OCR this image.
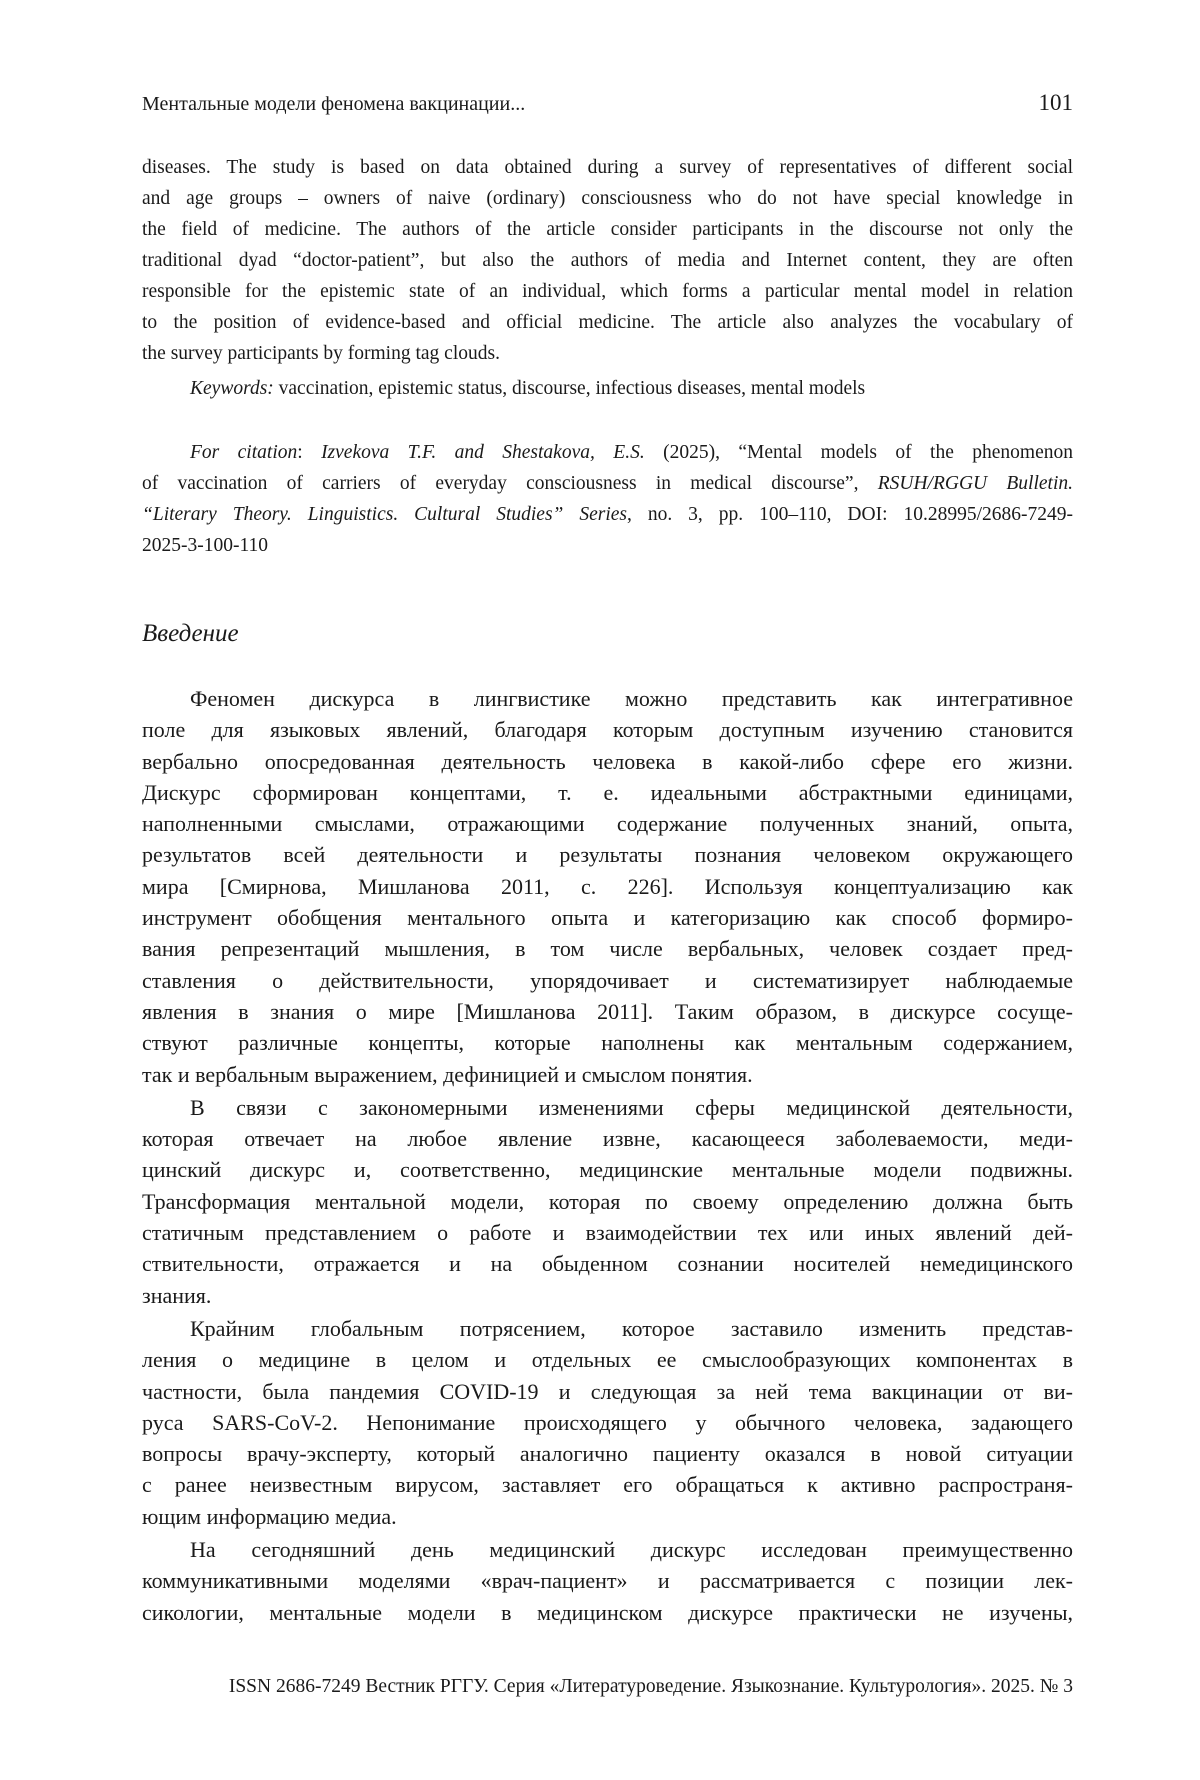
Ментальные модели феномена вакцинации...	101
diseases. The study is based on data obtained during a survey of representatives of different social
and age groups – owners of naive (ordinary) consciousness who do not have special knowledge in
the field of medicine. The authors of the article consider participants in the discourse not only the
traditional dyad “doctor-patient”, but also the authors of media and Internet content, they are often
responsible for the epistemic state of an individual, which forms a particular mental model in relation
to the position of evidence-based and official medicine. The article also analyzes the vocabulary of
the survey participants by forming tag clouds.
Keywords: vaccination, epistemic status, discourse, infectious diseases, mental models
For citation: Izvekova T.F. and Shestakova, E.S. (2025), “Mental models of the phenomenon
of vaccination of carriers of everyday consciousness in medical discourse”, RSUH/RGGU Bulletin.
“Literary Theory. Linguistics. Cultural Studies” Series, no. 3, pp. 100–110, DOI: 10.28995/2686-7249-
2025-3-100-110
Введение
Феномен дискурса в лингвистике можно представить как интегративное
поле для языковых явлений, благодаря которым доступным изучению становится
вербально опосредованная деятельность человека в какой-либо сфере его жизни.
Дискурс сформирован концептами, т. е. идеальными абстрактными единицами,
наполненными смыслами, отражающими содержание полученных знаний, опыта,
результатов всей деятельности и результаты познания человеком окружающего
мира [Смирнова, Мишланова 2011, с. 226]. Используя концептуализацию как
инструмент обобщения ментального опыта и категоризацию как способ формиро-
вания репрезентаций мышления, в том числе вербальных, человек создает пред-
ставления о действительности, упорядочивает и систематизирует наблюдаемые
явления в знания о мире [Мишланова 2011]. Таким образом, в дискурсе сосуще-
ствуют различные концепты, которые наполнены как ментальным содержанием,
так и вербальным выражением, дефиницией и смыслом понятия.
В связи с закономерными изменениями сферы медицинской деятельности,
которая отвечает на любое явление извне, касающееся заболеваемости, меди-
цинский дискурс и, соответственно, медицинские ментальные модели подвижны.
Трансформация ментальной модели, которая по своему определению должна быть
статичным представлением о работе и взаимодействии тех или иных явлений дей-
ствительности, отражается и на обыденном сознании носителей немедицинского
знания.
Крайним глобальным потрясением, которое заставило изменить представ-
ления о медицине в целом и отдельных ее смыслообразующих компонентах в
частности, была пандемия COVID-19 и следующая за ней тема вакцинации от ви-
руса SARS-CoV-2. Непонимание происходящего у обычного человека, задающего
вопросы врачу-эксперту, который аналогично пациенту оказался в новой ситуации
с ранее неизвестным вирусом, заставляет его обращаться к активно распространя-
ющим информацию медиа.
На сегодняшний день медицинский дискурс исследован преимущественно
коммуникативными моделями «врач-пациент» и рассматривается с позиции лек-
сикологии, ментальные модели в медицинском дискурсе практически не изучены,
ISSN 2686-7249 Вестник РГГУ. Серия «Литературоведение. Языкознание. Культурология». 2025. № 3
